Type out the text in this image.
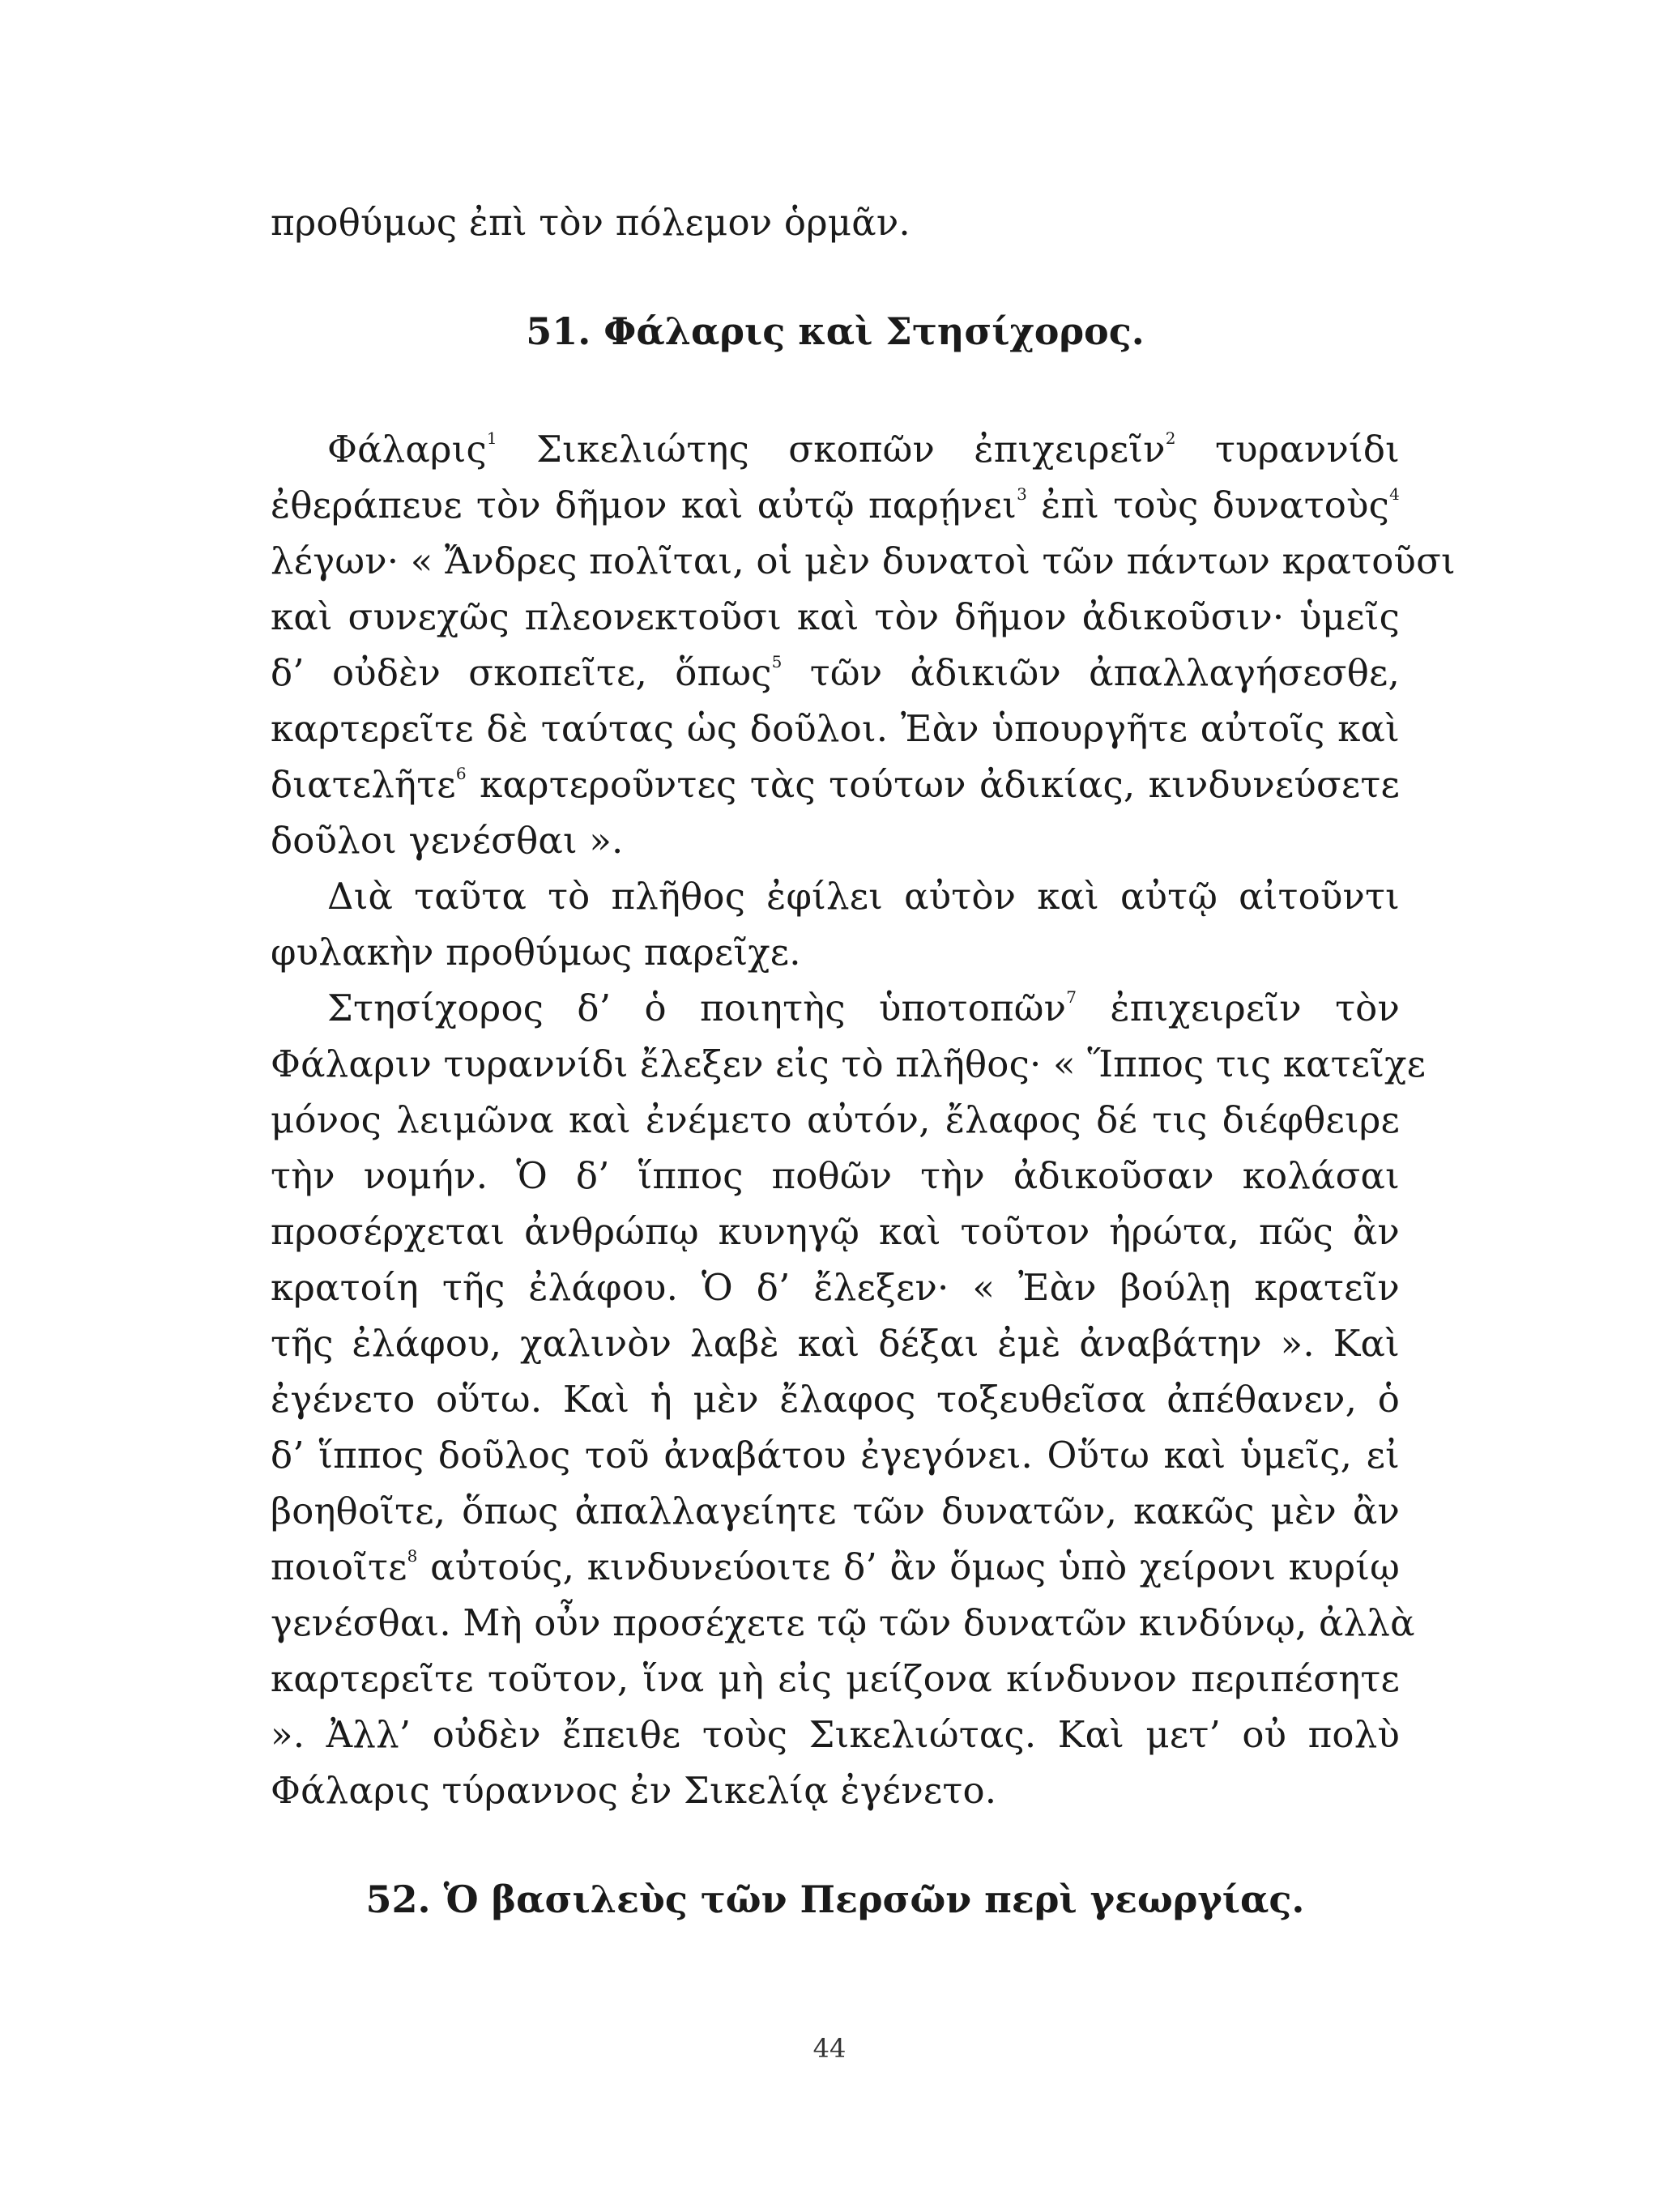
προθύμως ἐπὶ τὸν πόλεμον ὁρμᾶν.
51. Φάλαρις καὶ Στησίχορος.
Φάλαρις$^1$ Σικελιώτης σκοπῶν ἐπιχειρεῖν$^2$ τυραννίδι
ἐθεράπευε τὸν δῆμον καὶ αὐτῷ παρῄνει$^3$ ἐπὶ τοὺς δυνατοὺς$^4$
λέγων· « Ἄνδρες πολῖται, οἱ μὲν δυνατοὶ τῶν πάντων κρατοῦσι
καὶ συνεχῶς πλεονεκτοῦσι καὶ τὸν δῆμον ἀδικοῦσιν· ὑμεῖς
δ’ οὐδὲν σκοπεῖτε, ὅπως$^5$ τῶν ἀδικιῶν ἀπαλλαγήσεσθε,
καρτερεῖτε δὲ ταύτας ὡς δοῦλοι. Ἐὰν ὑπουργῆτε αὐτοῖς καὶ
διατελῆτε$^6$ καρτεροῦντες τὰς τούτων ἀδικίας, κινδυνεύσετε
δοῦλοι γενέσθαι ».
Διὰ ταῦτα τὸ πλῆθος ἐφίλει αὐτὸν καὶ αὐτῷ αἰτοῦντι
φυλακὴν προθύμως παρεῖχε.
Στησίχορος δ’ ὁ ποιητὴς ὑποτοπῶν$^7$ ἐπιχειρεῖν τὸν
Φάλαριν τυραννίδι ἔλεξεν εἰς τὸ πλῆθος· « Ἵππος τις κατεῖχε
μόνος λειμῶνα καὶ ἐνέμετο αὐτόν, ἔλαφος δέ τις διέφθειρε
τὴν νομήν. Ὁ δ’ ἵππος ποθῶν τὴν ἀδικοῦσαν κολάσαι
προσέρχεται ἀνθρώπῳ κυνηγῷ καὶ τοῦτον ἠρώτα, πῶς ἂν
κρατοίη τῆς ἐλάφου. Ὁ δ’ ἔλεξεν· « Ἐὰν βούλῃ κρατεῖν
τῆς ἐλάφου, χαλινὸν λαβὲ καὶ δέξαι ἐμὲ ἀναβάτην ». Καὶ
ἐγένετο οὕτω. Καὶ ἡ μὲν ἔλαφος τοξευθεῖσα ἀπέθανεν, ὁ
δ’ ἵππος δοῦλος τοῦ ἀναβάτου ἐγεγόνει. Οὕτω καὶ ὑμεῖς, εἰ
βοηθοῖτε, ὅπως ἀπαλλαγείητε τῶν δυνατῶν, κακῶς μὲν ἂν
ποιοῖτε$^8$ αὐτούς, κινδυνεύοιτε δ’ ἂν ὅμως ὑπὸ χείρονι κυρίῳ
γενέσθαι. Μὴ οὖν προσέχετε τῷ τῶν δυνατῶν κινδύνῳ, ἀλλὰ
καρτερεῖτε τοῦτον, ἵνα μὴ εἰς μείζονα κίνδυνον περιπέσητε
». Ἀλλ’ οὐδὲν ἔπειθε τοὺς Σικελιώτας. Καὶ μετ’ οὐ πολὺ
Φάλαρις τύραννος ἐν Σικελίᾳ ἐγένετο.
52. Ὁ βασιλεὺς τῶν Περσῶν περὶ γεωργίας.
44
